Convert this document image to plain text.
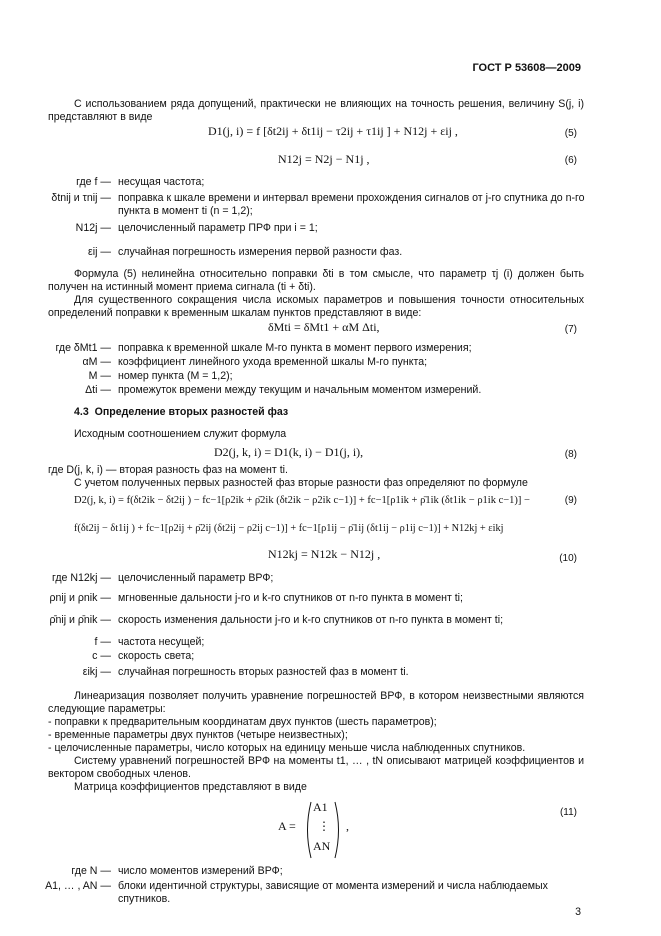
ГОСТ Р 53608—2009
С использованием ряда допущений, практически не влияющих на точность решения, величину S(j, i) представляют в виде
D1(j, i) = f [δt2ij + δt1ij − τ2ij + τ1ij ] + N12j + εij ,	(5)
N12j = N2j − N1j ,	(6)
где f — несущая частота;
δtnij и τnij — поправка к шкале времени и интервал времени прохождения сигналов от j-го спутника до n-го пункта в момент ti (n = 1,2);
N12j — целочисленный параметр ПРФ при i = 1;
εij — случайная погрешность измерения первой разности фаз.
Формула (5) нелинейна относительно поправки δti в том смысле, что параметр τj (i) должен быть получен на истинный момент приема сигнала (ti + δti).
Для существенного сокращения числа искомых параметров и повышения точности относительных определений поправки к временным шкалам пунктов представляют в виде:
δMti = δMt1 + αM Δti,	(7)
где δMt1 — поправка к временной шкале М-го пункта в момент первого измерения;
αM — коэффициент линейного ухода временной шкалы М-го пункта;
M — номер пункта (М = 1,2);
Δti — промежуток времени между текущим и начальным моментом измерений.
4.3 Определение вторых разностей фаз
Исходным соотношением служит формула
D2(j, k, i) = D1(k, i) − D1(j, i),	(8)
где D(j, k, i) — вторая разность фаз на момент ti.
С учетом полученных первых разностей фаз вторые разности фаз определяют по формуле
D2(j, k, i) = f(δt2ik − δt2ij ) − fc−1[ρ2ik + ρ̄2ik (δt2ik − ρ2ik c−1)] + fc−1[ρ1ik + ρ̄1ik (δt1ik − ρ1ik c−1)] −	(9)
f(δt2ij − δt1ij ) + fc−1[ρ2ij + ρ̄2ij (δt2ij − ρ2ij c−1)] + fc−1[ρ1ij − ρ̄1ij (δt1ij − ρ1ij c−1)] + N12kj + εikj
N12kj = N12k − N12j ,	(10)
где N12kj — целочисленный параметр ВРФ;
ρnij и ρnik — мгновенные дальности j-го и k-го спутников от n-го пункта в момент ti;
ρ̄nij и ρ̄nik — скорость изменения дальности j-го и k-го спутников от n-го пункта в момент ti;
f — частота несущей;
c — скорость света;
εikj — случайная погрешность вторых разностей фаз в момент ti.
Линеаризация позволяет получить уравнение погрешностей ВРФ, в котором неизвестными являются следующие параметры:
- поправки к предварительным координатам двух пунктов (шесть параметров);
- временные параметры двух пунктов (четыре неизвестных);
- целочисленные параметры, число которых на единицу меньше числа наблюденных спутников.
Систему уравнений погрешностей ВРФ на моменты t1, … , tN описывают матрицей коэффициентов и вектором свободных членов.
Матрица коэффициентов представляют в виде
A =
A1
⋮
AN
,
(11)
где N — число моментов измерений ВРФ;
A1, … , AN — блоки идентичной структуры, зависящие от момента измерений и числа наблюдаемых спутников.
3
